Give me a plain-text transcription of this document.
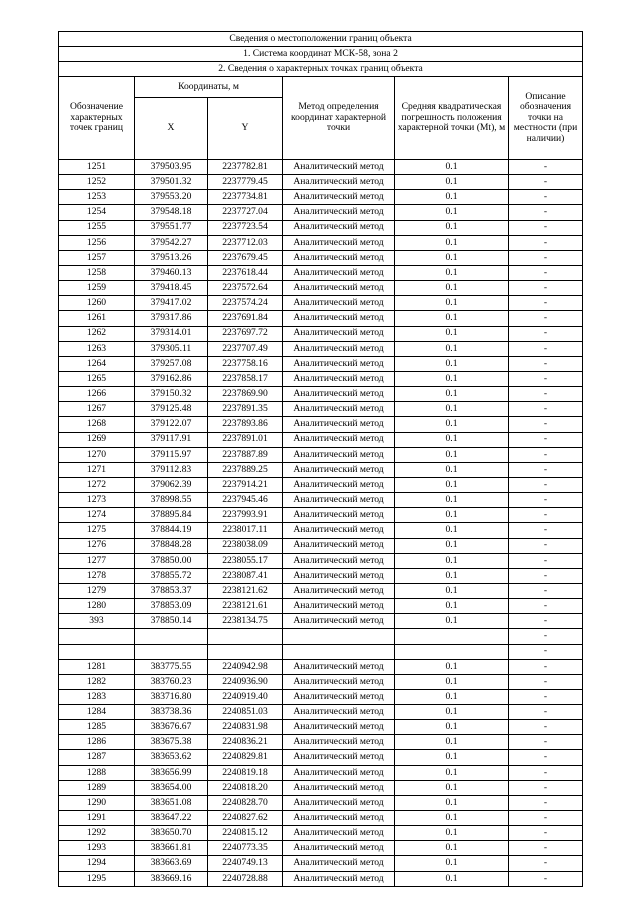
Сведения о местоположении границ объекта					
1. Система координат МСК-58, зона 2					
2. Сведения о характерных точках границ объекта					
Обозначение характерных точек границ	Координаты, м		Метод определения координат характерной точки	Средняя квадратическая погрешность положения характерной точки (Mt), м	Описание обозначения точки на местности (при наличии)
	X	Y			
1251	379503.95	2237782.81	Аналитический метод	0.1	-
1252	379501.32	2237779.45	Аналитический метод	0.1	-
1253	379553.20	2237734.81	Аналитический метод	0.1	-
1254	379548.18	2237727.04	Аналитический метод	0.1	-
1255	379551.77	2237723.54	Аналитический метод	0.1	-
1256	379542.27	2237712.03	Аналитический метод	0.1	-
1257	379513.26	2237679.45	Аналитический метод	0.1	-
1258	379460.13	2237618.44	Аналитический метод	0.1	-
1259	379418.45	2237572.64	Аналитический метод	0.1	-
1260	379417.02	2237574.24	Аналитический метод	0.1	-
1261	379317.86	2237691.84	Аналитический метод	0.1	-
1262	379314.01	2237697.72	Аналитический метод	0.1	-
1263	379305.11	2237707.49	Аналитический метод	0.1	-
1264	379257.08	2237758.16	Аналитический метод	0.1	-
1265	379162.86	2237858.17	Аналитический метод	0.1	-
1266	379150.32	2237869.90	Аналитический метод	0.1	-
1267	379125.48	2237891.35	Аналитический метод	0.1	-
1268	379122.07	2237893.86	Аналитический метод	0.1	-
1269	379117.91	2237891.01	Аналитический метод	0.1	-
1270	379115.97	2237887.89	Аналитический метод	0.1	-
1271	379112.83	2237889.25	Аналитический метод	0.1	-
1272	379062.39	2237914.21	Аналитический метод	0.1	-
1273	378998.55	2237945.46	Аналитический метод	0.1	-
1274	378895.84	2237993.91	Аналитический метод	0.1	-
1275	378844.19	2238017.11	Аналитический метод	0.1	-
1276	378848.28	2238038.09	Аналитический метод	0.1	-
1277	378850.00	2238055.17	Аналитический метод	0.1	-
1278	378855.72	2238087.41	Аналитический метод	0.1	-
1279	378853.37	2238121.62	Аналитический метод	0.1	-
1280	378853.09	2238121.61	Аналитический метод	0.1	-
393	378850.14	2238134.75	Аналитический метод	0.1	-
					-
					-
1281	383775.55	2240942.98	Аналитический метод	0.1	-
1282	383760.23	2240936.90	Аналитический метод	0.1	-
1283	383716.80	2240919.40	Аналитический метод	0.1	-
1284	383738.36	2240851.03	Аналитический метод	0.1	-
1285	383676.67	2240831.98	Аналитический метод	0.1	-
1286	383675.38	2240836.21	Аналитический метод	0.1	-
1287	383653.62	2240829.81	Аналитический метод	0.1	-
1288	383656.99	2240819.18	Аналитический метод	0.1	-
1289	383654.00	2240818.20	Аналитический метод	0.1	-
1290	383651.08	2240828.70	Аналитический метод	0.1	-
1291	383647.22	2240827.62	Аналитический метод	0.1	-
1292	383650.70	2240815.12	Аналитический метод	0.1	-
1293	383661.81	2240773.35	Аналитический метод	0.1	-
1294	383663.69	2240749.13	Аналитический метод	0.1	-
1295	383669.16	2240728.88	Аналитический метод	0.1	-
